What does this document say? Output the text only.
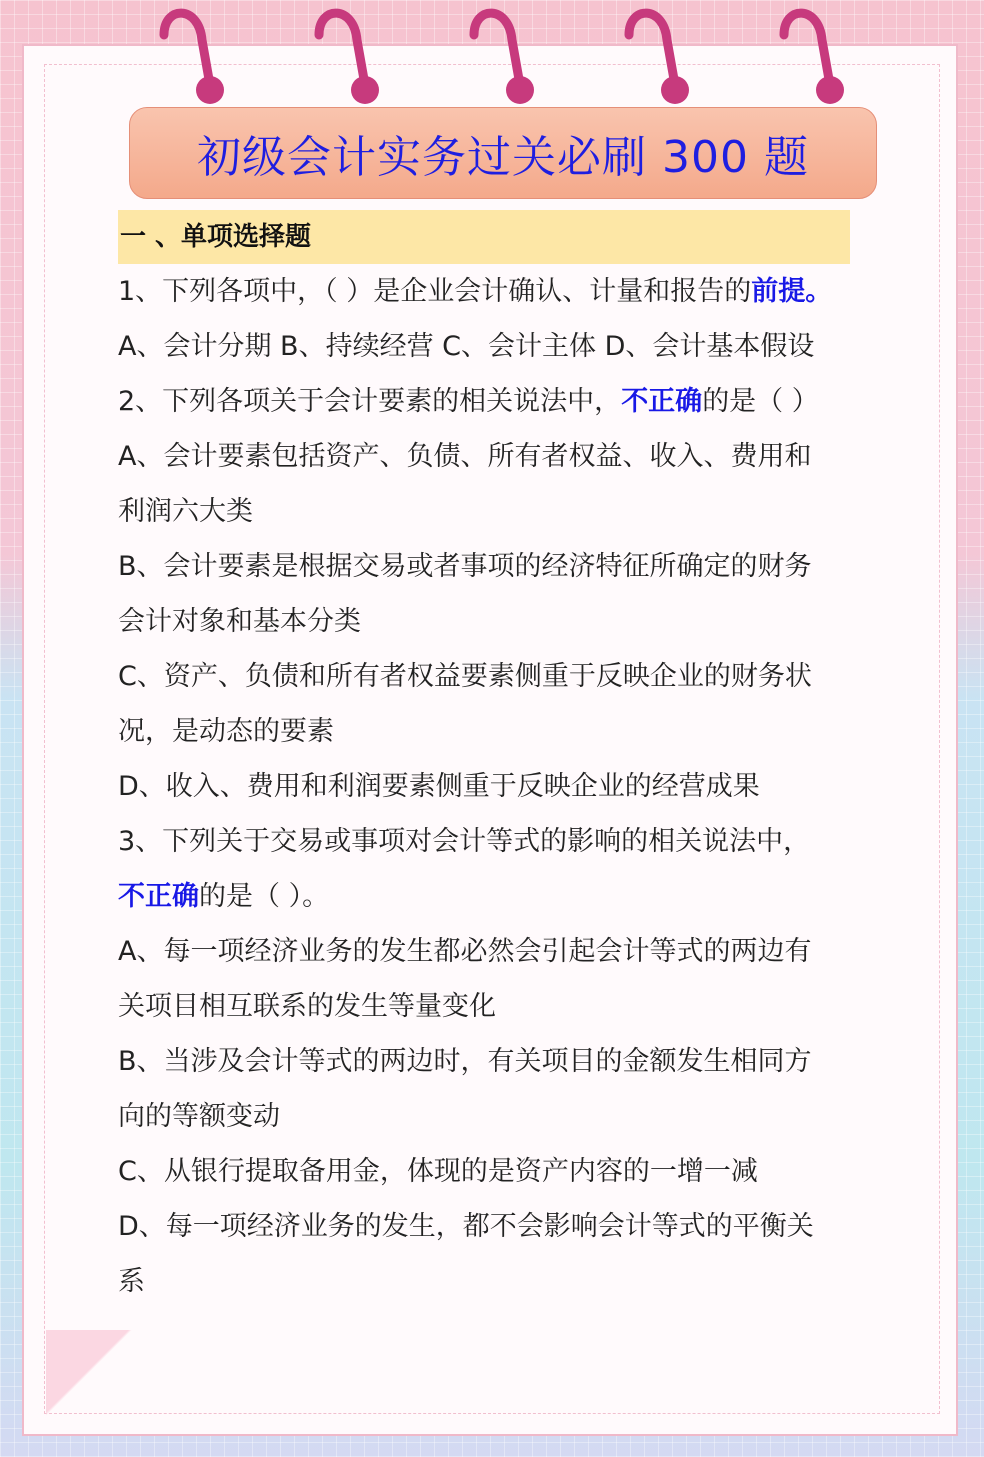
初级会计实务过关必刷 300 题
一 、单项选择题
1、下列各项中，（ ）是企业会计确认、计量和报告的前提。
A、会计分期 B、持续经营 C、会计主体 D、会计基本假设
2、下列各项关于会计要素的相关说法中，不正确的是（ ）
A、会计要素包括资产、负债、所有者权益、收入、费用和
利润六大类
B、会计要素是根据交易或者事项的经济特征所确定的财务
会计对象和基本分类
C、资产、负债和所有者权益要素侧重于反映企业的财务状
况，是动态的要素
D、收入、费用和利润要素侧重于反映企业的经营成果
3、下列关于交易或事项对会计等式的影响的相关说法中，
不正确的是（ ）。
A、每一项经济业务的发生都必然会引起会计等式的两边有
关项目相互联系的发生等量变化
B、当涉及会计等式的两边时，有关项目的金额发生相同方
向的等额变动
C、从银行提取备用金，体现的是资产内容的一增一减
D、每一项经济业务的发生，都不会影响会计等式的平衡关
系
